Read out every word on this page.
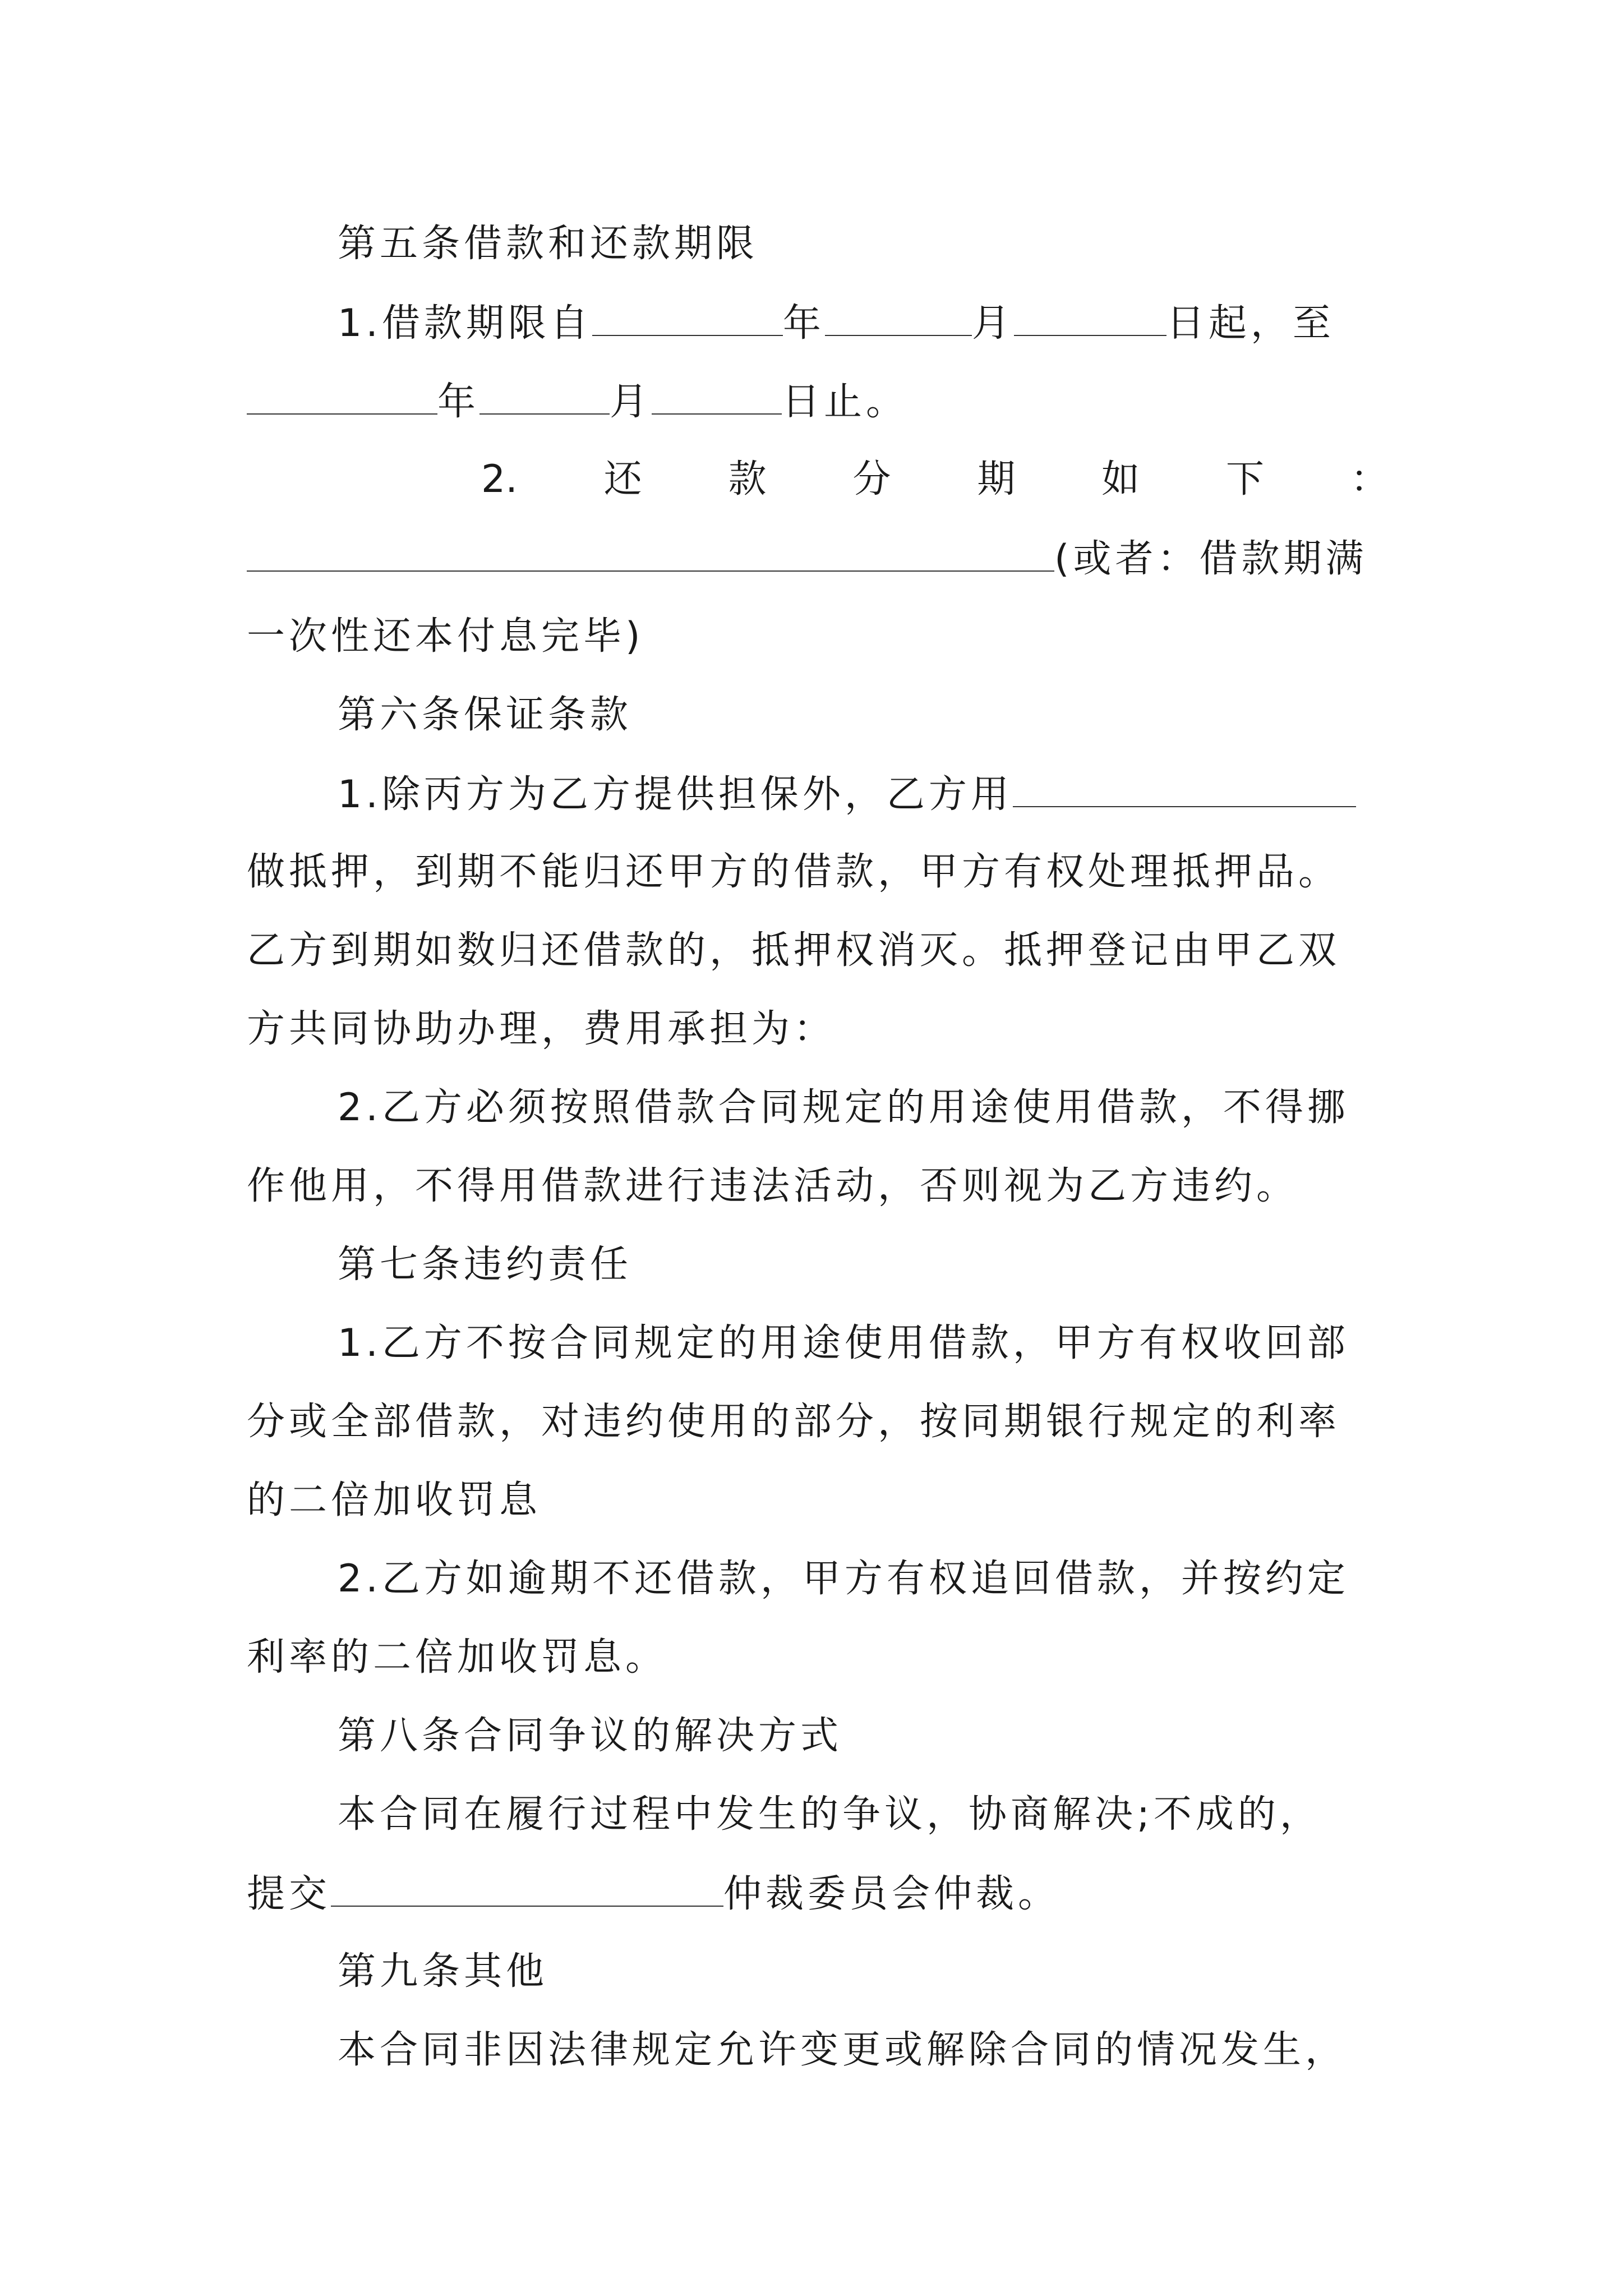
第五条借款和还款期限
1.借款期限自	年	月	日起，至
年	月	日止。
2. 还 款 分 期 如 下 ：
(或者：借款期满
一次性还本付息完毕)
第六条保证条款
1.除丙方为乙方提供担保外，乙方用
做抵押，到期不能归还甲方的借款，甲方有权处理抵押品。
乙方到期如数归还借款的，抵押权消灭。抵押登记由甲乙双
方共同协助办理，费用承担为：
2.乙方必须按照借款合同规定的用途使用借款，不得挪
作他用，不得用借款进行违法活动，否则视为乙方违约。
第七条违约责任
1.乙方不按合同规定的用途使用借款，甲方有权收回部
分或全部借款，对违约使用的部分，按同期银行规定的利率
的二倍加收罚息
2.乙方如逾期不还借款，甲方有权追回借款，并按约定
利率的二倍加收罚息。
第八条合同争议的解决方式
本合同在履行过程中发生的争议，协商解决;不成的，
提交	仲裁委员会仲裁。
第九条其他
本合同非因法律规定允许变更或解除合同的情况发生，
